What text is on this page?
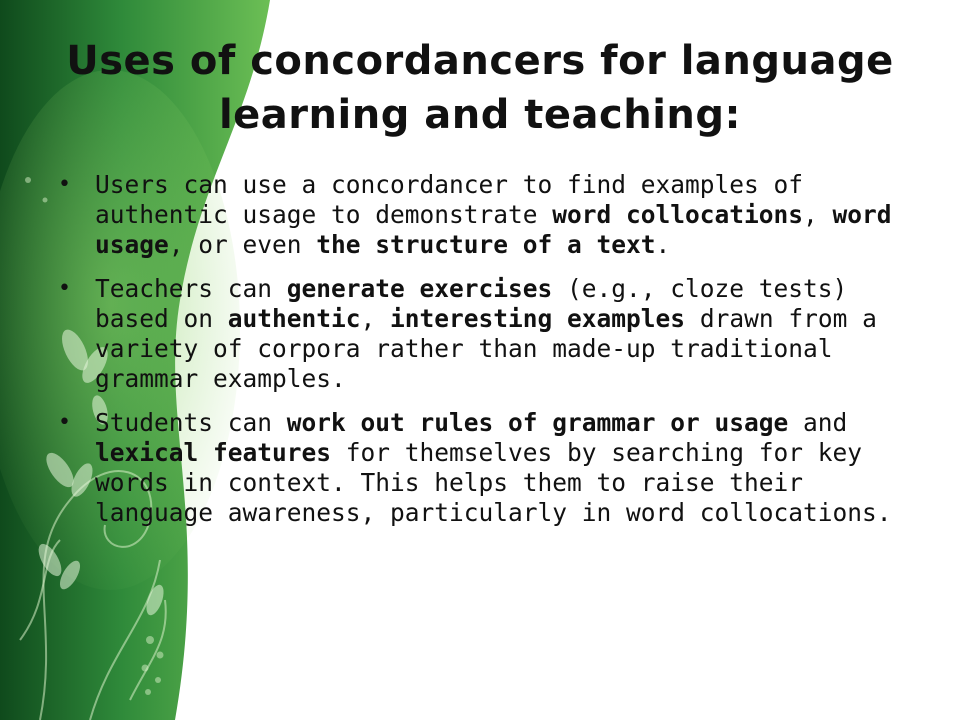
Uses of concordancers for language
learning and teaching:
• Users can use a concordancer to find examples of authentic usage to demonstrate word collocations, word usage, or even the structure of a text.
• Teachers can generate exercises (e.g., cloze tests) based on authentic, interesting examples drawn from a variety of corpora rather than made-up traditional grammar examples.
• Students can work out rules of grammar or usage and lexical features for themselves by searching for key words in context. This helps them to raise their language awareness, particularly in word collocations.
